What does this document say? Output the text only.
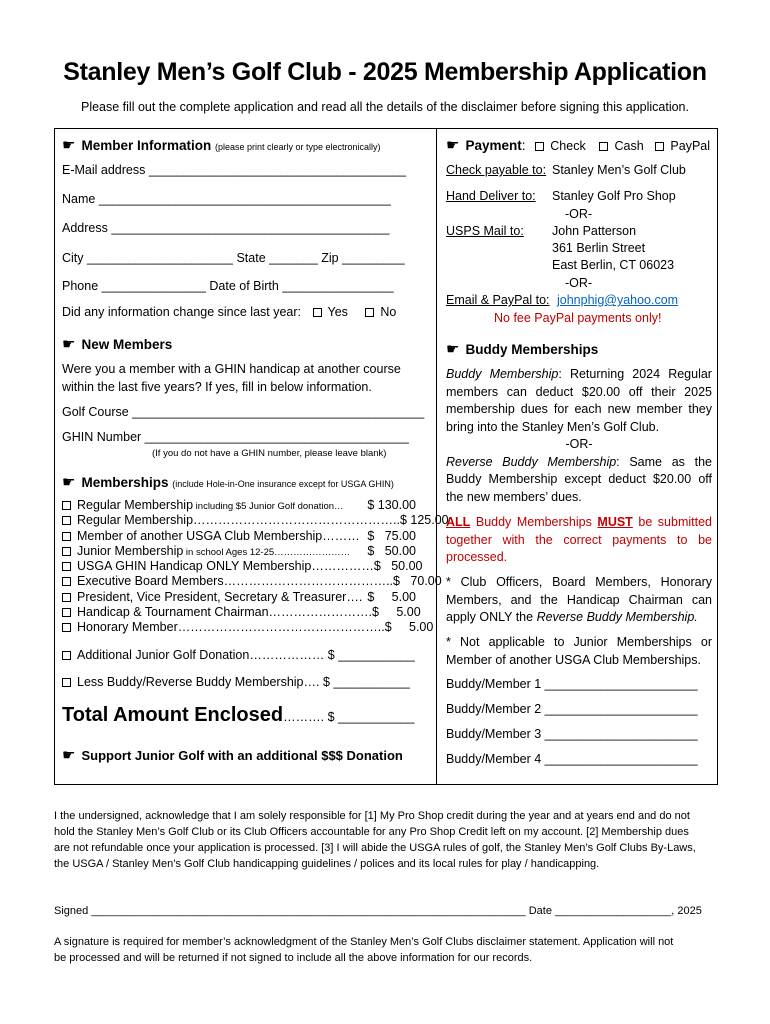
Stanley Men’s Golf Club - 2025 Membership Application
Please fill out the complete application and read all the details of the disclaimer before signing this application.
☛ Member Information (please print clearly or type electronically)
E-Mail address _____________________________________
Name __________________________________________
Address ________________________________________
City _____________________ State _______ Zip _________
Phone _______________ Date of Birth ________________
Did any information change since last year: Yes	No
☛ New Members
Were you a member with a GHIN handicap at another course
within the last five years? If yes, fill in below information.
Golf Course __________________________________________
GHIN Number ______________________________________
(If you do not have a GHIN number, please leave blank)
☛ Memberships (include Hole-in-One insurance except for USGA GHIN)
Regular Membership including $5 Junior Golf donation… $ 130.00
Regular Membership………………………………………….. $ 125.00
Member of another USGA Club Membership……… $   75.00
Junior Membership in school Ages 12-25…………………… $   50.00
USGA GHIN Handicap ONLY Membership…………… $   50.00
Executive Board Members………………………………….. $   70.00
President, Vice President, Secretary & Treasurer…. $     5.00
Handicap & Tournament Chairman……………………. $     5.00
Honorary Member………………………………………….. $     5.00
Additional Junior Golf Donation……………… $ ___________
Less Buddy/Reverse Buddy Membership…. $ ___________
Total Amount Enclosed………. $ ___________
☛ Support Junior Golf with an additional $$$ Donation
☛ Payment: Check Cash PayPal
Check payable to: Stanley Men’s Golf Club
Hand Deliver to: Stanley Golf Pro Shop
-OR-
USPS Mail to: John Patterson
361 Berlin Street
East Berlin, CT 06023
-OR-
Email & PayPal to: johnphig@yahoo.com
No fee PayPal payments only!
☛ Buddy Memberships
Buddy Membership: Returning 2024 Regular
members can deduct $20.00 off their 2025
membership dues for each new member they
bring into the Stanley Men’s Golf Club.
-OR-
Reverse Buddy Membership: Same as the
Buddy Membership except deduct $20.00 off
the new members’ dues.
ALL Buddy Memberships MUST be submitted
together with the correct payments to be
processed.
* Club Officers, Board Members, Honorary
Members, and the Handicap Chairman can
apply ONLY the Reverse Buddy Membership.
* Not applicable to Junior Memberships or
Member of another USGA Club Memberships.
Buddy/Member 1 ______________________
Buddy/Member 2 ______________________
Buddy/Member 3 ______________________
Buddy/Member 4 ______________________
I the undersigned, acknowledge that I am solely responsible for [1] My Pro Shop credit during the year and at years end and do not
hold the Stanley Men’s Golf Club or its Club Officers accountable for any Pro Shop Credit left on my account. [2] Membership dues
are not refundable once your application is processed. [3] I will abide the USGA rules of golf, the Stanley Men’s Golf Clubs By-Laws,
the USGA / Stanley Men’s Golf Club handicapping guidelines / polices and its local rules for play / handicapping.
Signed _______________________________________________________________________ Date ___________________, 2025
A signature is required for member’s acknowledgment of the Stanley Men’s Golf Clubs disclaimer statement. Application will not
be processed and will be returned if not signed to include all the above information for our records.
